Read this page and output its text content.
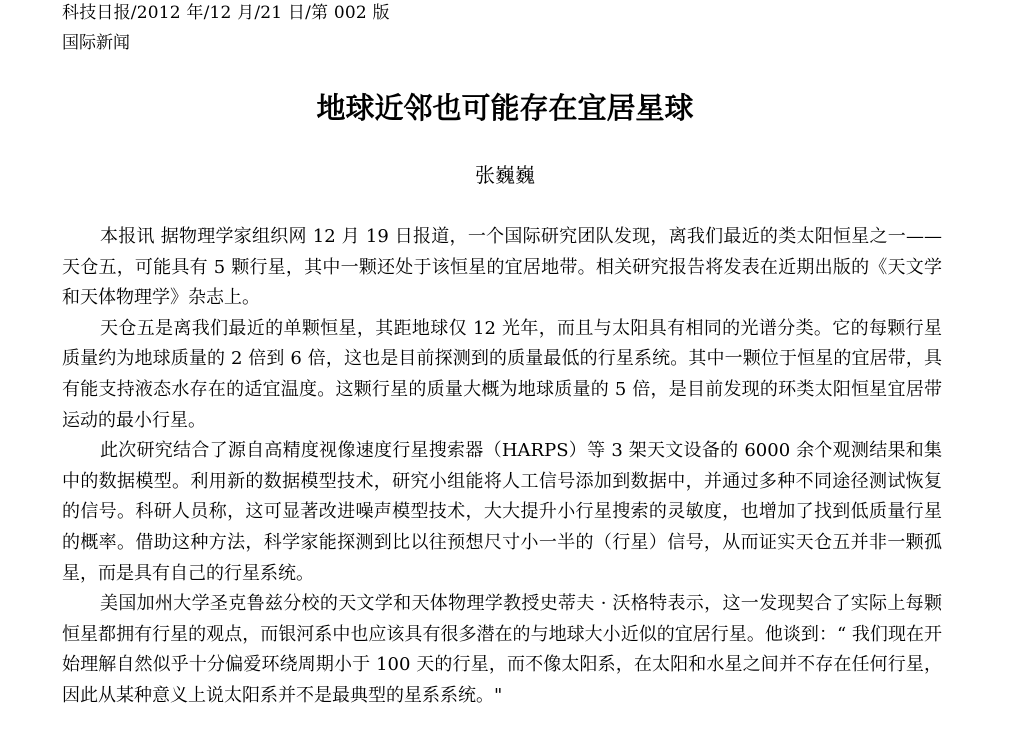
科技日报/2012 年/12 月/21 日/第 002 版
国际新闻
地球近邻也可能存在宜居星球
张巍巍

本报讯 据物理学家组织网 12 月 19 日报道，一个国际研究团队发现，离我们最近的类太阳恒星之一——天仓五，可能具有 5 颗行星，其中一颗还处于该恒星的宜居地带。相关研究报告将发表在近期出版的《天文学和天体物理学》杂志上。

天仓五是离我们最近的单颗恒星，其距地球仅 12 光年，而且与太阳具有相同的光谱分类。它的每颗行星质量约为地球质量的 2 倍到 6 倍，这也是目前探测到的质量最低的行星系统。其中一颗位于恒星的宜居带，具有能支持液态水存在的适宜温度。这颗行星的质量大概为地球质量的 5 倍，是目前发现的环类太阳恒星宜居带运动的最小行星。

此次研究结合了源自高精度视像速度行星搜索器（HARPS）等 3 架天文设备的 6000 余个观测结果和集中的数据模型。利用新的数据模型技术，研究小组能将人工信号添加到数据中，并通过多种不同途径测试恢复的信号。科研人员称，这可显著改进噪声模型技术，大大提升小行星搜索的灵敏度，也增加了找到低质量行星的概率。借助这种方法，科学家能探测到比以往预想尺寸小一半的（行星）信号，从而证实天仓五并非一颗孤星，而是具有自己的行星系统。

美国加州大学圣克鲁兹分校的天文学和天体物理学教授史蒂夫 · 沃格特表示，这一发现契合了实际上每颗恒星都拥有行星的观点，而银河系中也应该具有很多潜在的与地球大小近似的宜居行星。他谈到：“ 我们现在开始理解自然似乎十分偏爱环绕周期小于 100 天的行星，而不像太阳系，在太阳和水星之间并不存在任何行星，因此从某种意义上说太阳系并不是最典型的星系系统。"
